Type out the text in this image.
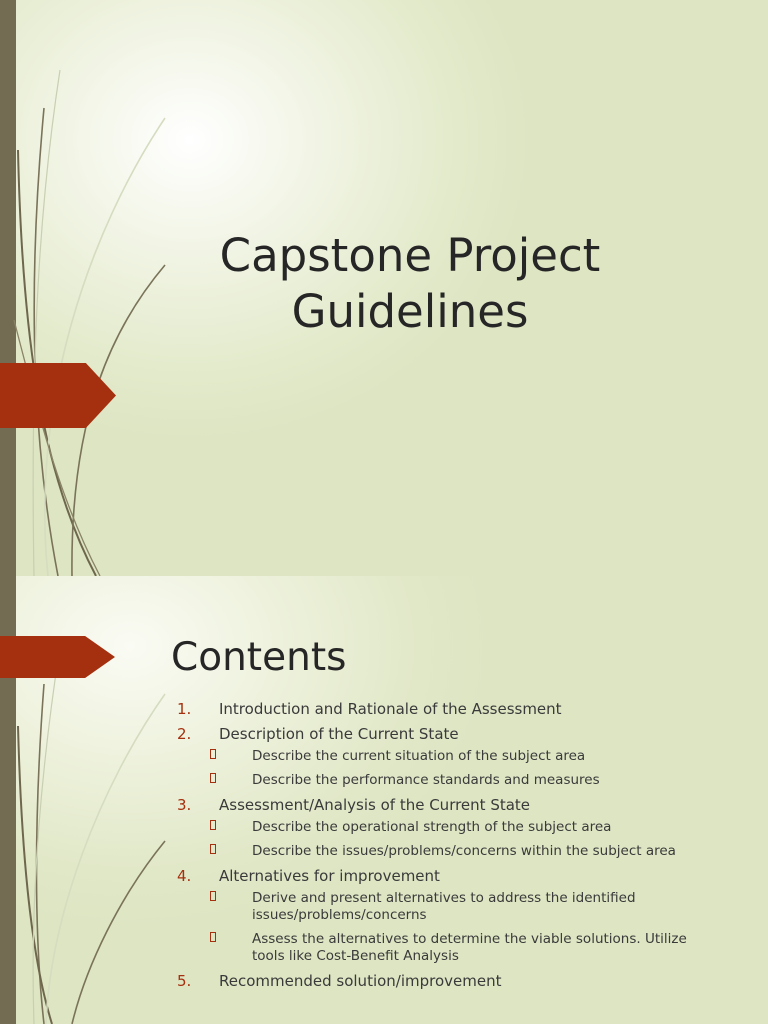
Capstone Project
Guidelines
Contents
1.	Introduction and Rationale of the Assessment
2.	Description of the Current State
Describe the current situation of the subject area
Describe the performance standards and measures
3.	Assessment/Analysis of the Current State
Describe the operational strength of the subject area
Describe the issues/problems/concerns within the subject area
4.	Alternatives for improvement
Derive and present alternatives to address the identified issues/problems/concerns
Assess the alternatives to determine the viable solutions. Utilize tools like Cost-Benefit Analysis
5.	Recommended solution/improvement
